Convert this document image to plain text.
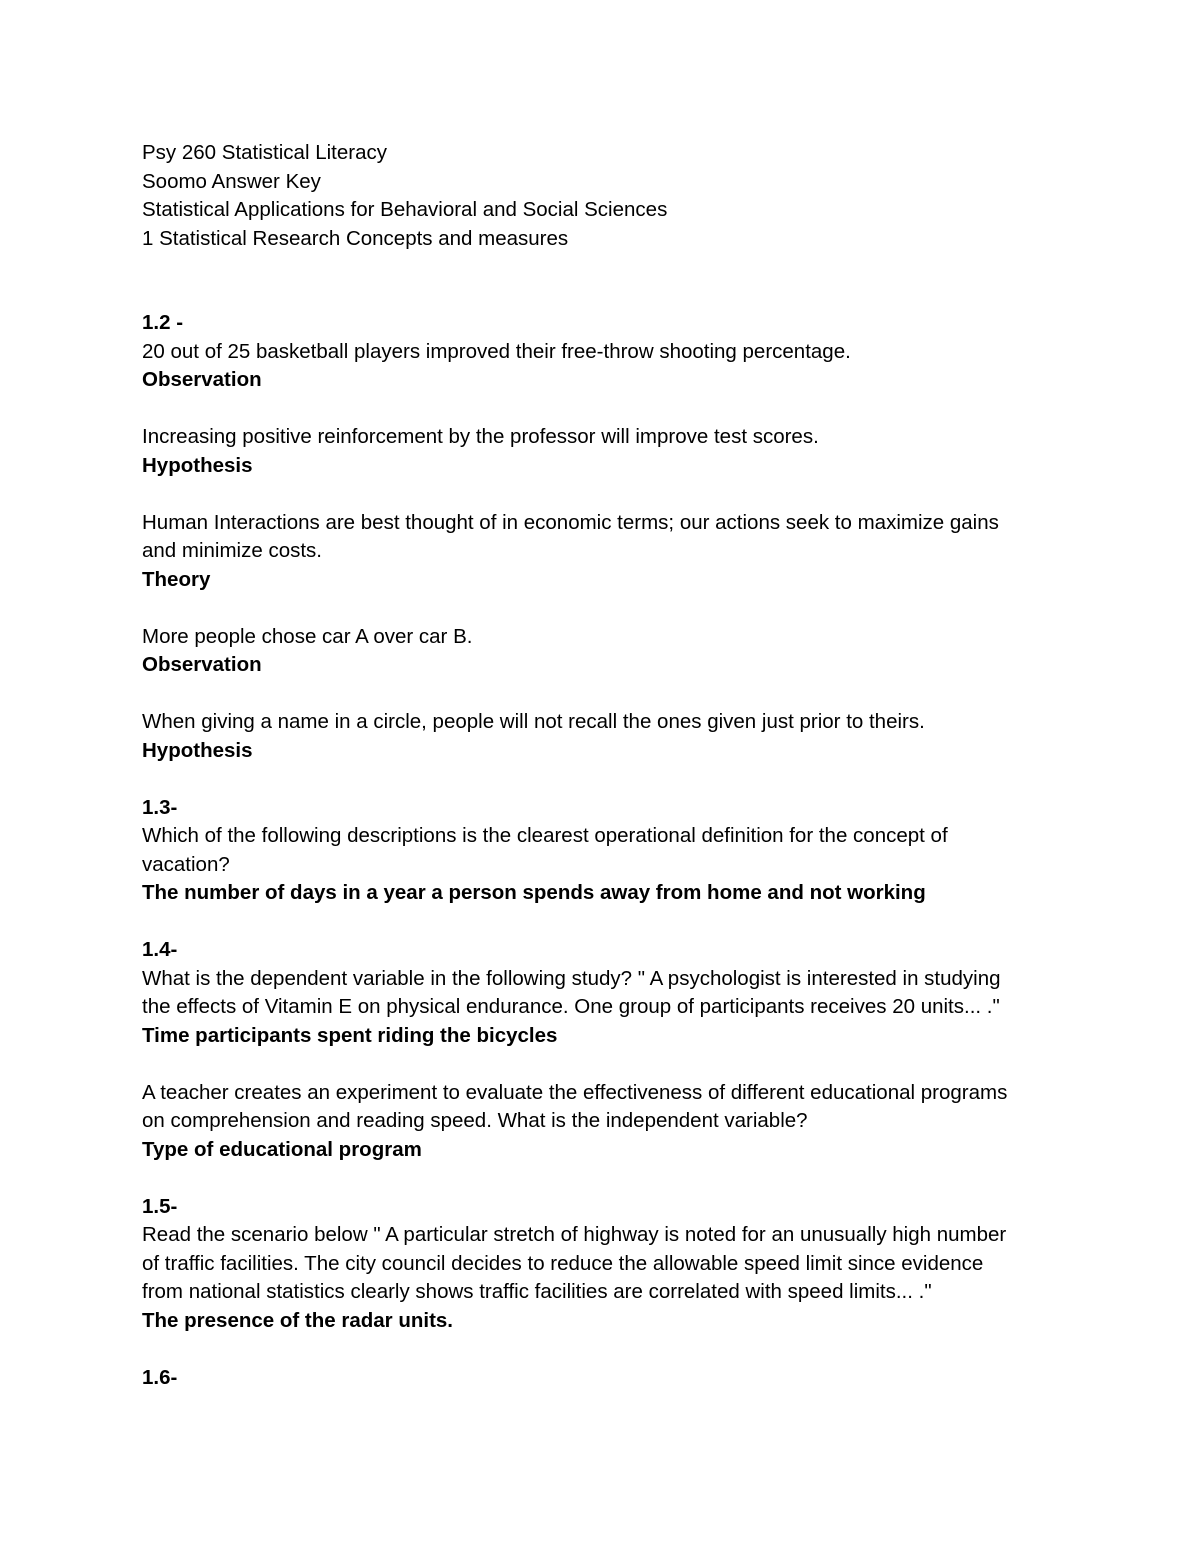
Psy 260 Statistical Literacy
Soomo Answer Key
Statistical Applications for Behavioral and Social Sciences
1 Statistical Research Concepts and measures
1.2 -
20 out of 25 basketball players improved their free-throw shooting percentage.
Observation
Increasing positive reinforcement by the professor will improve test scores.
Hypothesis
Human Interactions are best thought of in economic terms; our actions seek to maximize gains
and minimize costs.
Theory
More people chose car A over car B.
Observation
When giving a name in a circle, people will not recall the ones given just prior to theirs.
Hypothesis
1.3-
Which of the following descriptions is the clearest operational definition for the concept of
vacation?
The number of days in a year a person spends away from home and not working
1.4-
What is the dependent variable in the following study? " A psychologist is interested in studying
the effects of Vitamin E on physical endurance. One group of participants receives 20 units... ."
Time participants spent riding the bicycles
A teacher creates an experiment to evaluate the effectiveness of different educational programs
on comprehension and reading speed. What is the independent variable?
Type of educational program
1.5-
Read the scenario below " A particular stretch of highway is noted for an unusually high number
of traffic facilities. The city council decides to reduce the allowable speed limit since evidence
from national statistics clearly shows traffic facilities are correlated with speed limits... ."
The presence of the radar units.
1.6-
